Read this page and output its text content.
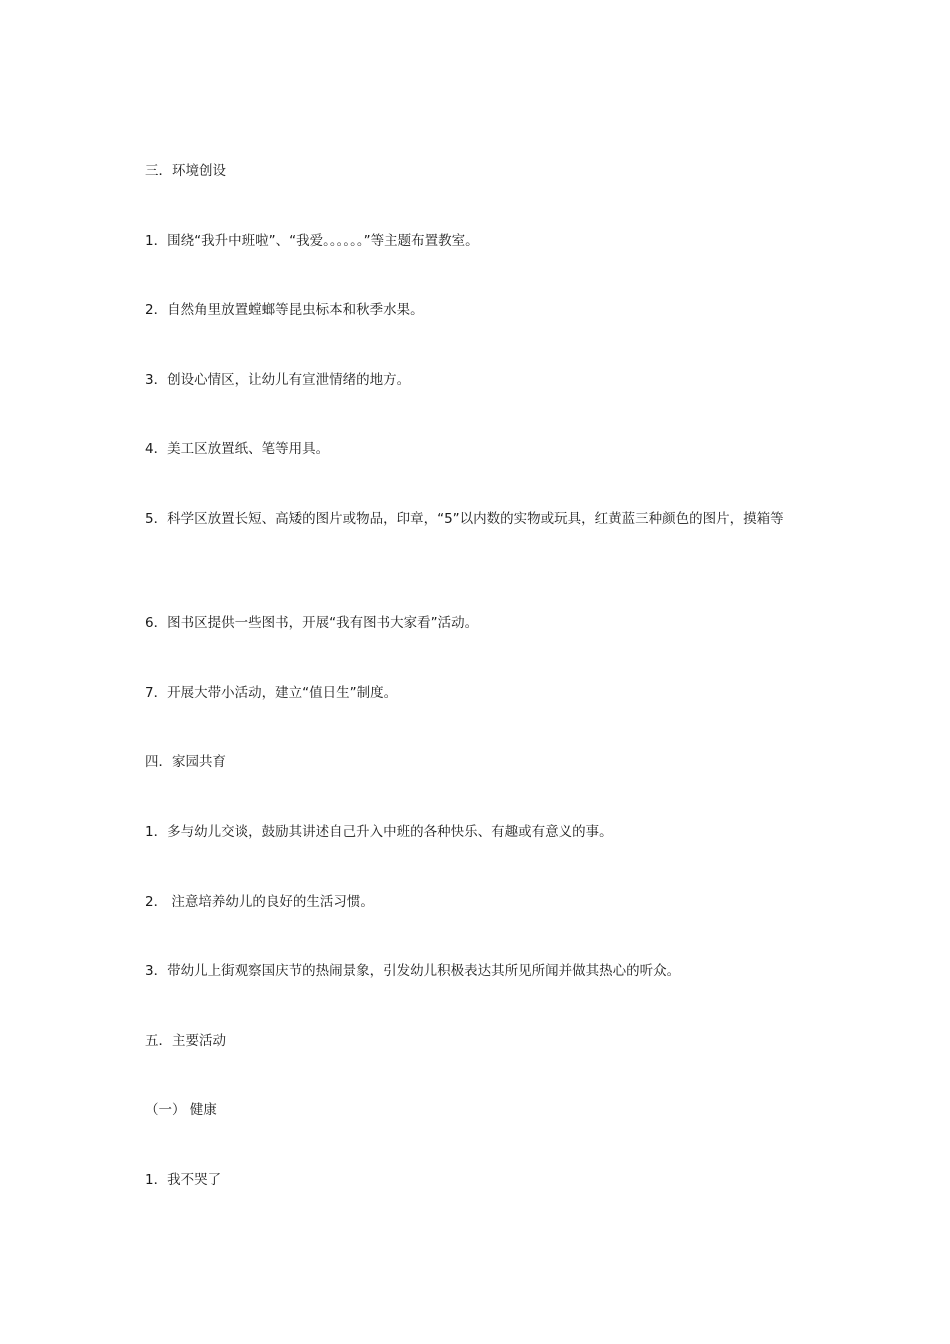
三．环境创设
1．围绕“我升中班啦”、“我爱。。。。。。”等主题布置教室。
2．自然角里放置螳螂等昆虫标本和秋季水果。
3．创设心情区，让幼儿有宣泄情绪的地方。
4．美工区放置纸、笔等用具。
5．科学区放置长短、高矮的图片或物品，印章，“5”以内数的实物或玩具，红黄蓝三种颜色的图片，摸箱等
6．图书区提供一些图书，开展“我有图书大家看”活动。
7．开展大带小活动，建立“值日生”制度。
四．家园共育
1．多与幼儿交谈，鼓励其讲述自己升入中班的各种快乐、有趣或有意义的事。
2． 注意培养幼儿的良好的生活习惯。
3．带幼儿上街观察国庆节的热闹景象，引发幼儿积极表达其所见所闻并做其热心的听众。
五．主要活动
（一） 健康
1．我不哭了
